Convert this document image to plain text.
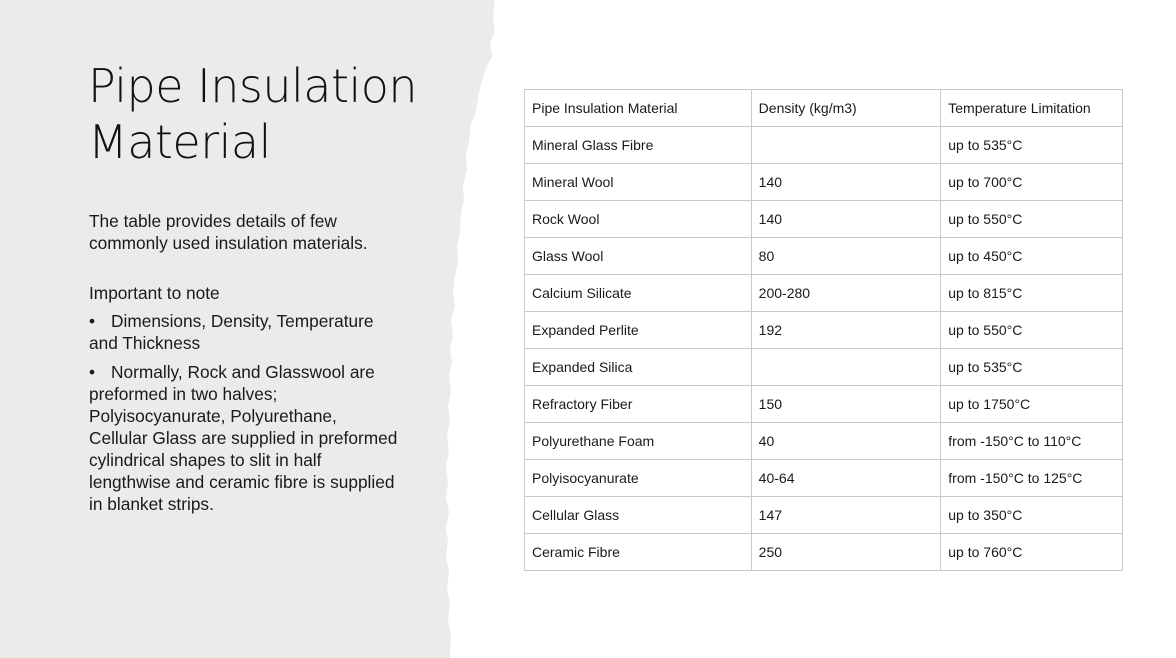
Pipe Insulation Material

The table provides details of few commonly used insulation materials.

Important to note

• Dimensions, Density, Temperature and Thickness

• Normally, Rock and Glasswool are preformed in two halves; Polyisocyanurate, Polyurethane, Cellular Glass are supplied in preformed cylindrical shapes to slit in half lengthwise and ceramic fibre is supplied in blanket strips.

Pipe Insulation Material	Density (kg/m3)	Temperature Limitation
Mineral Glass Fibre		up to 535°C
Mineral Wool	140	up to 700°C
Rock Wool	140	up to 550°C
Glass Wool	80	up to 450°C
Calcium Silicate	200-280	up to 815°C
Expanded Perlite	192	up to 550°C
Expanded Silica		up to 535°C
Refractory Fiber	150	up to 1750°C
Polyurethane Foam	40	from -150°C to 110°C
Polyisocyanurate	40-64	from -150°C to 125°C
Cellular Glass	147	up to 350°C
Ceramic Fibre	250	up to 760°C
